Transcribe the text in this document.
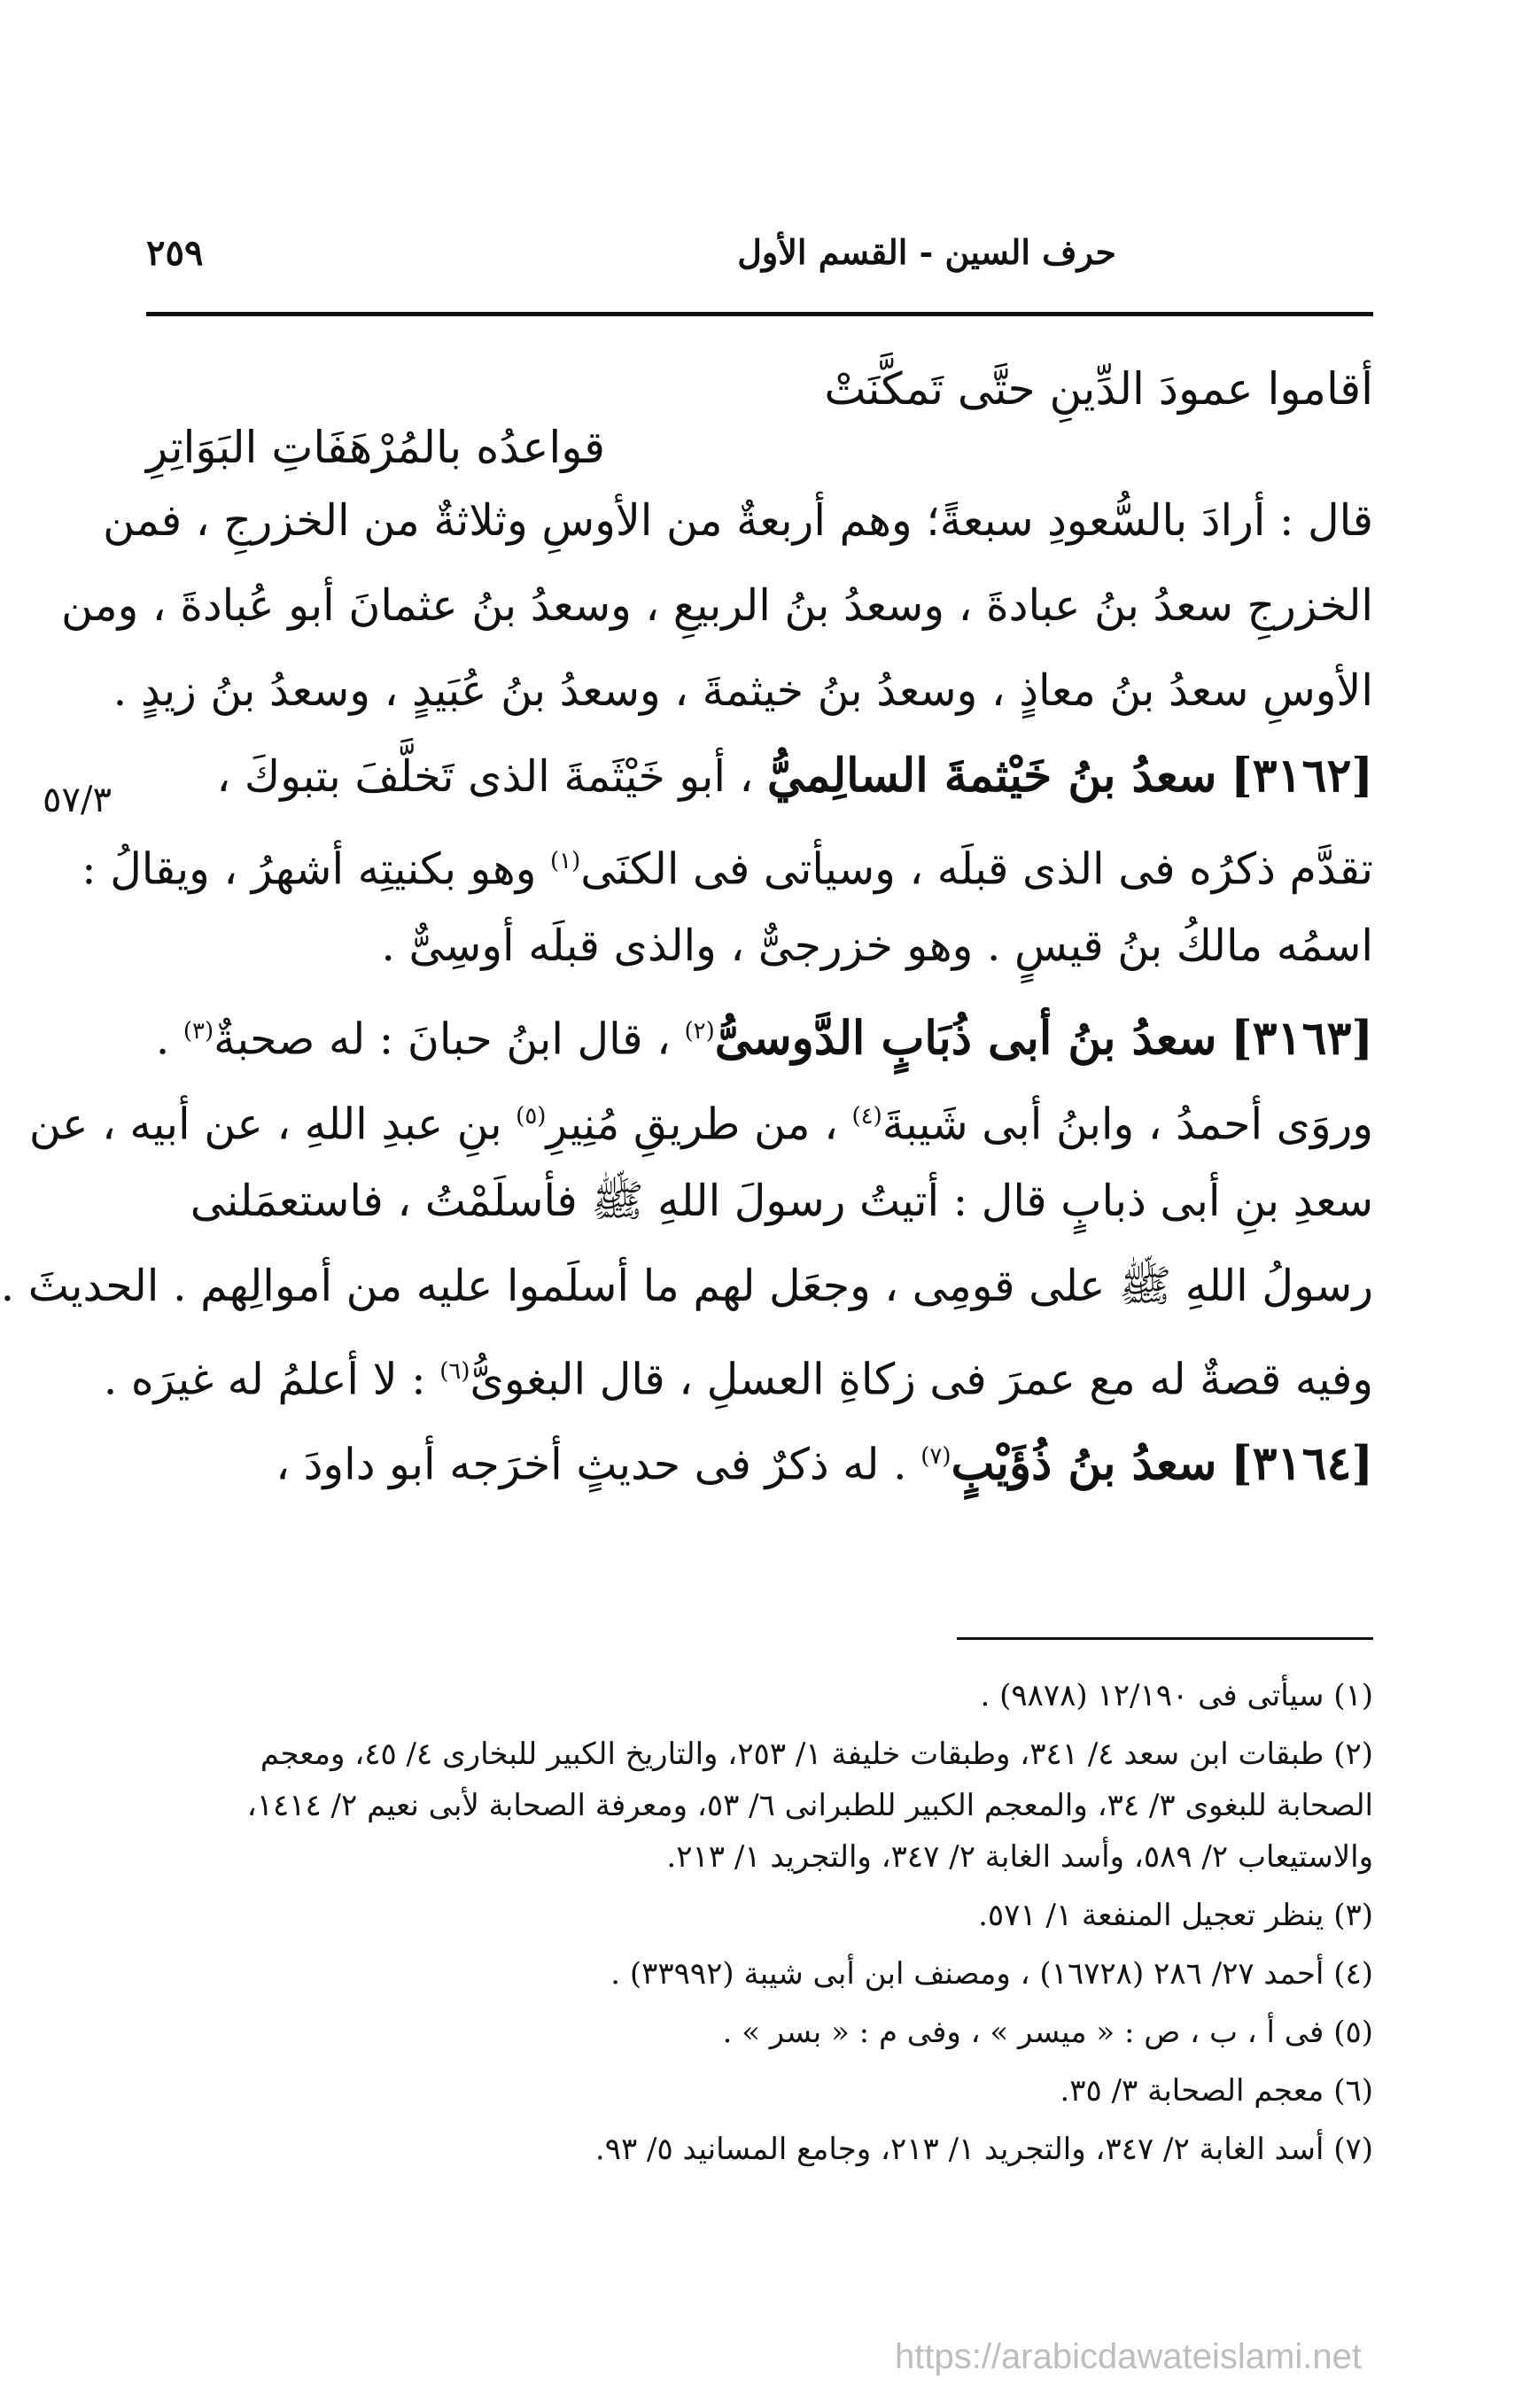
حرف السين - القسم الأول
٢٥٩
أقاموا عمودَ الدِّينِ حتَّى تَمكَّنَتْ
قواعدُه بالمُرْهَفَاتِ البَوَاتِرِ
قال : أرادَ بالسُّعودِ سبعةً؛ وهم أربعةٌ من الأوسِ وثلاثةٌ من الخزرجِ ، فمن
الخزرجِ سعدُ بنُ عبادةَ ، وسعدُ بنُ الربيعِ ، وسعدُ بنُ عثمانَ أبو عُبادةَ ، ومن
الأوسِ سعدُ بنُ معاذٍ ، وسعدُ بنُ خيثمةَ ، وسعدُ بنُ عُبَيدٍ ، وسعدُ بنُ زيدٍ .
[٣١٦٢] سعدُ بنُ خَيْثمةَ السالِميُّ ، أبو خَيْثَمةَ الذى تَخلَّفَ بتبوكَ ،
تقدَّم ذكرُه فى الذى قبلَه ، وسيأتى فى الكنَى$^{(١)}$ وهو بكنيتِه أشهرُ ، ويقالُ :
اسمُه مالكُ بنُ قيسٍ . وهو خزرجىٌّ ، والذى قبلَه أوسِىٌّ .
[٣١٦٣] سعدُ بنُ أبى ذُبَابٍ الدَّوسىُّ$^{(٢)}$ ، قال ابنُ حبانَ : له صحبةٌ$^{(٣)}$ .
وروَى أحمدُ ، وابنُ أبى شَيبةَ$^{(٤)}$ ، من طريقِ مُنِيرِ$^{(٥)}$ بنِ عبدِ اللهِ ، عن أبيه ، عن
سعدِ بنِ أبى ذبابٍ قال : أتيتُ رسولَ اللهِ ﷺ فأسلَمْتُ ، فاستعمَلنى
رسولُ اللهِ ﷺ على قومِى ، وجعَل لهم ما أسلَموا عليه من أموالِهم . الحديثَ .
وفيه قصةٌ له مع عمرَ فى زكاةِ العسلِ ، قال البغوىُّ$^{(٦)}$ : لا أعلمُ له غيرَه .
[٣١٦٤] سعدُ بنُ ذُؤَيْبٍ$^{(٧)}$ . له ذكرٌ فى حديثٍ أخرَجه أبو داودَ ،
٥٧/٣
(١) سيأتى فى ١٢/١٩٠ (٩٨٧٨) .
(٢) طبقات ابن سعد ٤/ ٣٤١، وطبقات خليفة ١/ ٢٥٣، والتاريخ الكبير للبخارى ٤/ ٤٥، ومعجم
الصحابة للبغوى ٣/ ٣٤، والمعجم الكبير للطبرانى ٦/ ٥٣، ومعرفة الصحابة لأبى نعيم ٢/ ١٤١٤،
والاستيعاب ٢/ ٥٨٩، وأسد الغابة ٢/ ٣٤٧، والتجريد ١/ ٢١٣.
(٣) ينظر تعجيل المنفعة ١/ ٥٧١.
(٤) أحمد ٢٧/ ٢٨٦ (١٦٧٢٨) ، ومصنف ابن أبى شيبة (٣٣٩٩٢) .
(٥) فى أ ، ب ، ص : « ميسر » ، وفى م : « بسر » .
(٦) معجم الصحابة ٣/ ٣٥.
(٧) أسد الغابة ٢/ ٣٤٧، والتجريد ١/ ٢١٣، وجامع المسانيد ٥/ ٩٣.
https://arabicdawateislami.net
